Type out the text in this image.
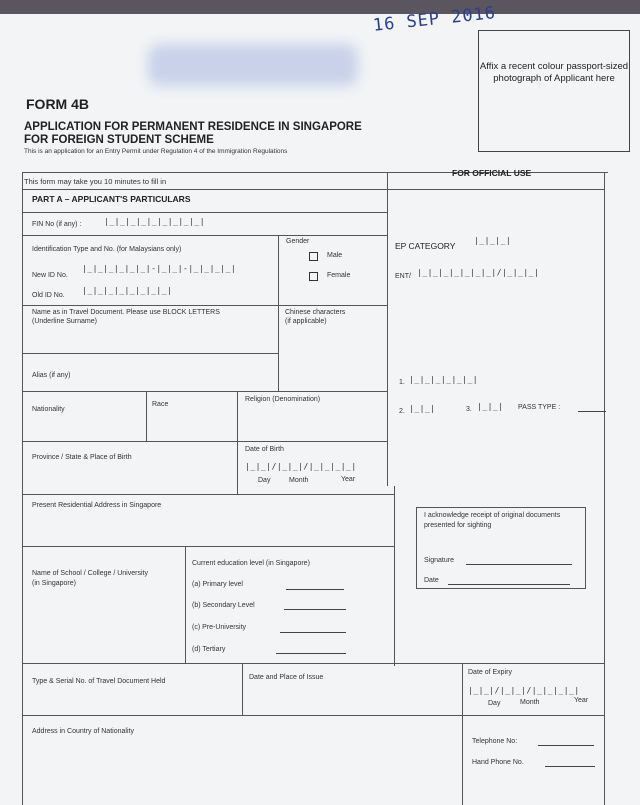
16 SEP 2016
Affix a recent colour passport-sized photograph of Applicant here
FORM 4B
APPLICATION FOR PERMANENT RESIDENCE IN SINGAPORE
FOR FOREIGN STUDENT SCHEME
This is an application for an Entry Permit under Regulation 4 of the Immigration Regulations
This form may take you 10 minutes to fill in
FOR OFFICIAL USE
PART A – APPLICANT'S PARTICULARS
FIN No (if any) :	|_|_|_|_|_|_|_|_|_|
Identification Type and No. (for Malaysians only)
New ID No.
|_|_|_|_|_|_|-|_|_|-|_|_|_|_|
Old ID No.
|_|_|_|_|_|_|_|_|
Gender
Male
Female
Name as in Travel Document. Please use BLOCK LETTERS
(Underline Surname)
Chinese characters
(if applicable)
Alias (if any)
Nationality
Race
Religion (Denomination)
Province / State & Place of Birth
Date of Birth
|_|_|/|_|_|/|_|_|_|_|
Day	Month	Year
Present Residential Address in Singapore
Name of School / College / University
(in Singapore)
Current education level (in Singapore)
(a) Primary level
(b) Secondary Level
(c) Pre-University
(d) Tertiary
Type & Serial No. of Travel Document Held
Date and Place of Issue
Date of Expiry
|_|_|/|_|_|/|_|_|_|_|
Day	Month	Year
Address in Country of Nationality
Telephone No:
Hand Phone No.
EP CATEGORY
|_|_|_|
ENT/ |_|_|_|_|_|_|_|/|_|_|_|
1. |_|_|_|_|_|_|
2. |_|_|	3. |_|_| PASS TYPE :
I acknowledge receipt of original documents presented for sighting
Signature
Date
